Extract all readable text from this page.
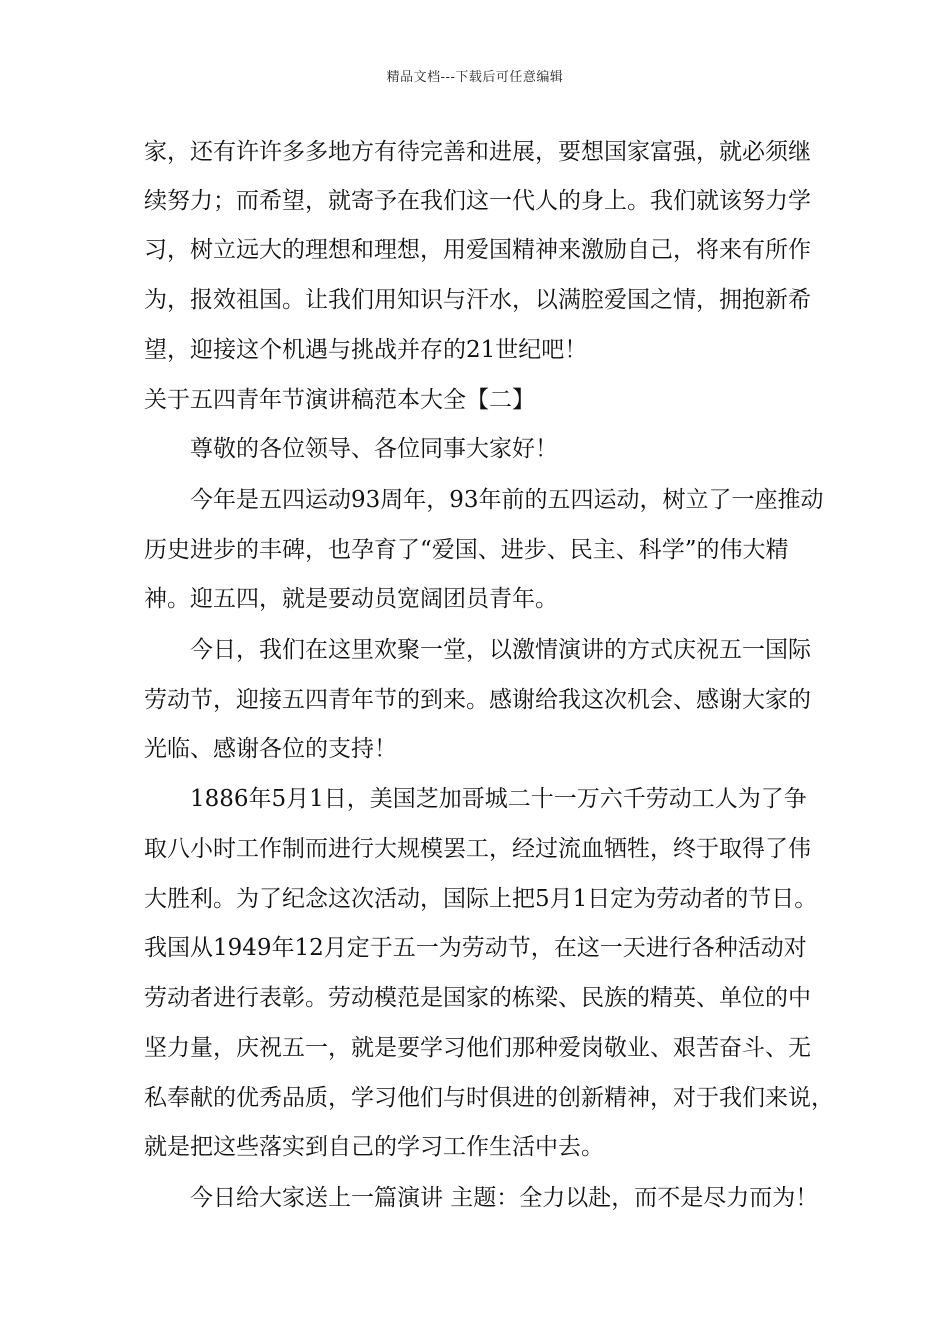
精品文档---下载后可任意编辑
家，还有许许多多地方有待完善和进展，要想国家富强，就必须继
续努力；而希望，就寄予在我们这一代人的身上。我们就该努力学
习，树立远大的理想和理想，用爱国精神来激励自己，将来有所作
为，报效祖国。让我们用知识与汗水，以满腔爱国之情，拥抱新希
望，迎接这个机遇与挑战并存的21世纪吧！
关于五四青年节演讲稿范本大全【二】
尊敬的各位领导、各位同事大家好！
今年是五四运动93周年，93年前的五四运动，树立了一座推动
历史进步的丰碑，也孕育了“爱国、进步、民主、科学”的伟大精
神。迎五四，就是要动员宽阔团员青年。
今日，我们在这里欢聚一堂，以激情演讲的方式庆祝五一国际
劳动节，迎接五四青年节的到来。感谢给我这次机会、感谢大家的
光临、感谢各位的支持！
1886年5月1日，美国芝加哥城二十一万六千劳动工人为了争
取八小时工作制而进行大规模罢工，经过流血牺牲，终于取得了伟
大胜利。为了纪念这次活动，国际上把5月1日定为劳动者的节日。
我国从1949年12月定于五一为劳动节，在这一天进行各种活动对
劳动者进行表彰。劳动模范是国家的栋梁、民族的精英、单位的中
坚力量，庆祝五一，就是要学习他们那种爱岗敬业、艰苦奋斗、无
私奉献的优秀品质，学习他们与时俱进的创新精神，对于我们来说，
就是把这些落实到自己的学习工作生活中去。
今日给大家送上一篇演讲 主题：全力以赴，而不是尽力而为！
